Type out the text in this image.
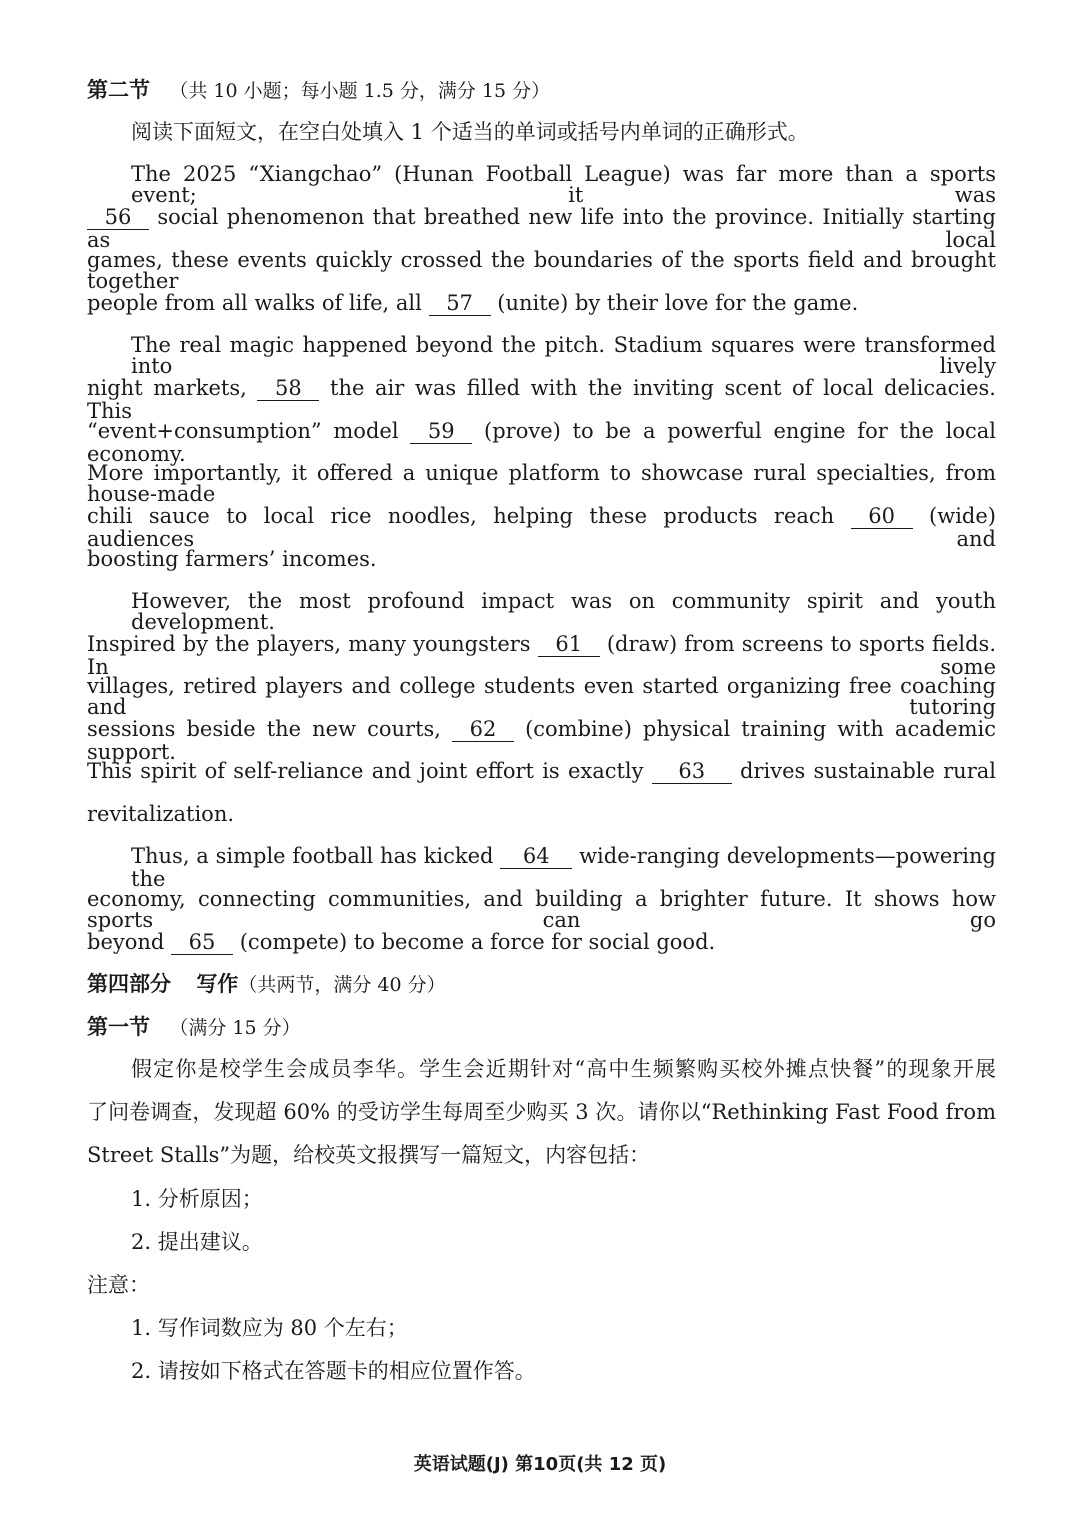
第二节 （共 10 小题；每小题 1.5 分，满分 15 分）
阅读下面短文，在空白处填入 1 个适当的单词或括号内单词的正确形式。
The 2025 “Xiangchao” (Hunan Football League) was far more than a sports event; it was
56 social phenomenon that breathed new life into the province. Initially starting as local
games, these events quickly crossed the boundaries of the sports field and brought together
people from all walks of life, all 57 (unite) by their love for the game.
The real magic happened beyond the pitch. Stadium squares were transformed into lively
night markets, 58 the air was filled with the inviting scent of local delicacies. This
“event+consumption” model 59 (prove) to be a powerful engine for the local economy.
More importantly, it offered a unique platform to showcase rural specialties, from house-made
chili sauce to local rice noodles, helping these products reach 60 (wide) audiences and
boosting farmers’ incomes.
However, the most profound impact was on community spirit and youth development.
Inspired by the players, many youngsters 61 (draw) from screens to sports fields. In some
villages, retired players and college students even started organizing free coaching and tutoring
sessions beside the new courts, 62 (combine) physical training with academic support.
This spirit of self-reliance and joint effort is exactly 63 drives sustainable rural
revitalization.
Thus, a simple football has kicked 64 wide-ranging developments—powering the
economy, connecting communities, and building a brighter future. It shows how sports can go
beyond 65 (compete) to become a force for social good.
第四部分 写作（共两节，满分 40 分）
第一节 （满分 15 分）
假定你是校学生会成员李华。学生会近期针对“高中生频繁购买校外摊点快餐”的现象开展
了问卷调查，发现超 60% 的受访学生每周至少购买 3 次。请你以“Rethinking Fast Food from
Street Stalls”为题，给校英文报撰写一篇短文，内容包括：
1. 分析原因；
2. 提出建议。
注意：
1. 写作词数应为 80 个左右；
2. 请按如下格式在答题卡的相应位置作答。
英语试题(J) 第10页(共 12 页)
